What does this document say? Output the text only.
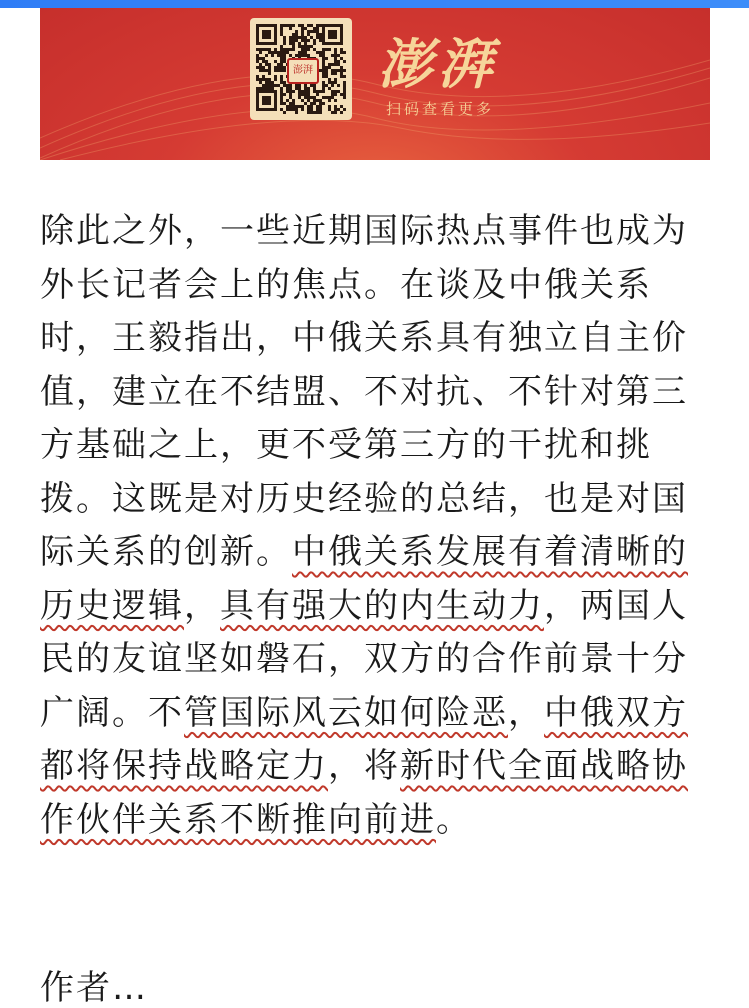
澎湃 澎湃
扫码查看更多

除此之外，一些近期国际热点事件也成为外长记者会上的焦点。在谈及中俄关系时，王毅指出，中俄关系具有独立自主价值，建立在不结盟、不对抗、不针对第三方基础之上，更不受第三方的干扰和挑拨。这既是对历史经验的总结，也是对国际关系的创新。中俄关系发展有着清晰的历史逻辑，具有强大的内生动力，两国人民的友谊坚如磐石，双方的合作前景十分广阔。不管国际风云如何险恶，中俄双方都将保持战略定力，将新时代全面战略协作伙伴关系不断推向前进。

作者…
